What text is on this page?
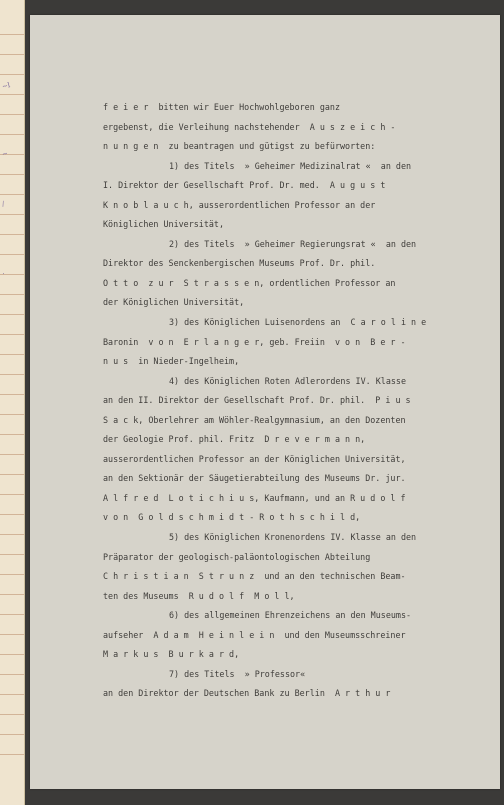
~l
~
/
.
f e i e r  bitten wir Euer Hochwohlgeboren ganz
ergebenst, die Verleihung nachstehender  A u s z e i c h -
n u n g e n  zu beantragen und gütigst zu befürworten:
1) des Titels  » Geheimer Medizinalrat «  an den
I. Direktor der Gesellschaft Prof. Dr. med.  A u g u s t
K n o b l a u c h, ausserordentlichen Professor an der
Königlichen Universität,
2) des Titels  » Geheimer Regierungsrat «  an den
Direktor des Senckenbergischen Museums Prof. Dr. phil.
O t t o  z u r  S t r a s s e n, ordentlichen Professor an
der Königlichen Universität,
3) des Königlichen Luisenordens an  C a r o l i n e
Baronin  v o n  E r l a n g e r, geb. Freiin  v o n  B e r -
n u s  in Nieder-Ingelheim,
4) des Königlichen Roten Adlerordens IV. Klasse
an den II. Direktor der Gesellschaft Prof. Dr. phil.  P i u s
S a c k, Oberlehrer am Wöhler-Realgymnasium, an den Dozenten
der Geologie Prof. phil. Fritz  D r e v e r m a n n,
ausserordentlichen Professor an der Königlichen Universität,
an den Sektionär der Säugetierabteilung des Museums Dr. jur.
A l f r e d  L o t i c h i u s, Kaufmann, und an R u d o l f
v o n  G o l d s c h m i d t - R o t h s c h i l d,
5) des Königlichen Kronenordens IV. Klasse an den
Präparator der geologisch-paläontologischen Abteilung
C h r i s t i a n  S t r u n z  und an den technischen Beam-
ten des Museums  R u d o l f  M o l l,
6) des allgemeinen Ehrenzeichens an den Museums-
aufseher  A d a m  H e i n l e i n  und den Museumsschreiner
M a r k u s  B u r k a r d,
7) des Titels  » Professor«
an den Direktor der Deutschen Bank zu Berlin  A r t h u r
